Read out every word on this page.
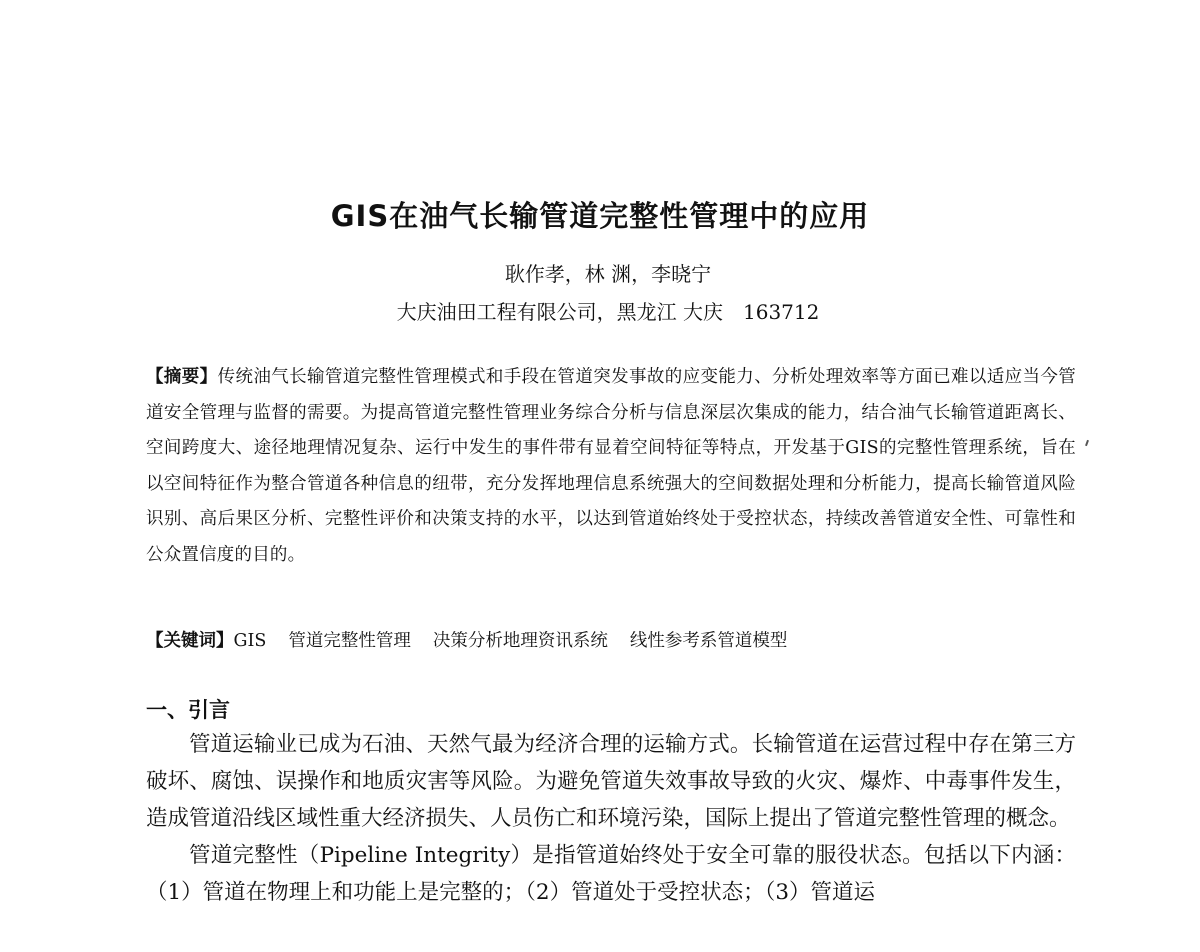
GIS在油气长输管道完整性管理中的应用
耿作孝，林 渊，李晓宁
大庆油田工程有限公司，黑龙江 大庆　163712
【摘要】传统油气长输管道完整性管理模式和手段在管道突发事故的应变能力、分析处理效率等方面已难以适应当今管道安全管理与监督的需要。为提高管道完整性管理业务综合分析与信息深层次集成的能力，结合油气长输管道距离长、空间跨度大、途径地理情况复杂、运行中发生的事件带有显着空间特征等特点，开发基于GIS的完整性管理系统，旨在以空间特征作为整合管道各种信息的纽带，充分发挥地理信息系统强大的空间数据处理和分析能力，提高长输管道风险识别、高后果区分析、完整性评价和决策支持的水平，以达到管道始终处于受控状态，持续改善管道安全性、可靠性和公众置信度的目的。
【关键词】GIS 管道完整性管理 决策分析地理资讯系统 线性参考系管道模型
一、引言

管道运输业已成为石油、天然气最为经济合理的运输方式。长输管道在运营过程中存在第三方破坏、腐蚀、误操作和地质灾害等风险。为避免管道失效事故导致的火灾、爆炸、中毒事件发生，造成管道沿线区域性重大经济损失、人员伤亡和环境污染，国际上提出了管道完整性管理的概念。

管道完整性（Pipeline Integrity）是指管道始终处于安全可靠的服役状态。包括以下内涵：（1）管道在物理上和功能上是完整的；（2）管道处于受控状态；（3）管道运
